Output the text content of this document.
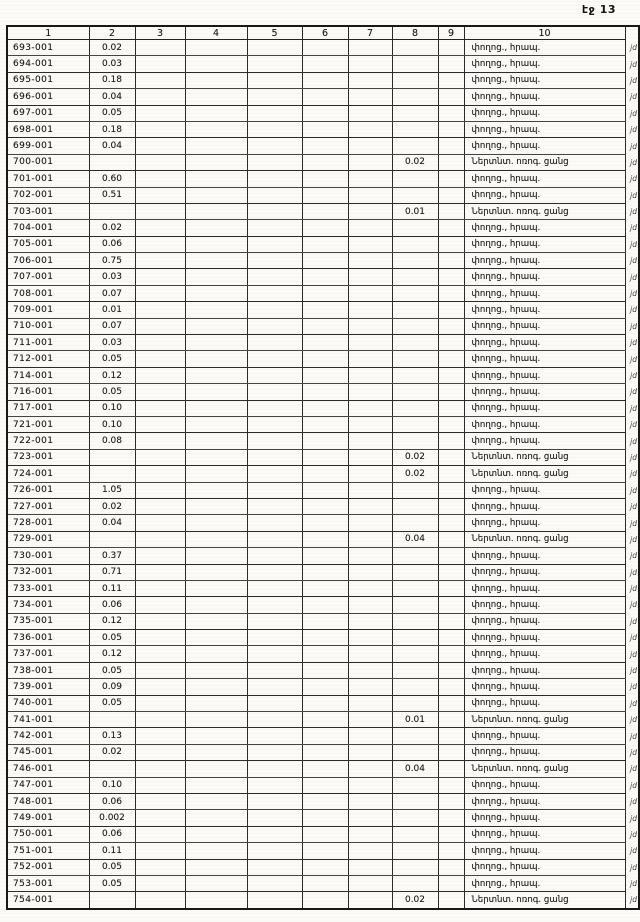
էջ 13
1	2	3	4	5	6	7	8	9	10	
693-001	0.02								փողոց., հրապ.	jd
694-001	0.03								փողոց., հրապ.	jd
695-001	0.18								փողոց., հրապ.	jd
696-001	0.04								փողոց., հրապ.	jd
697-001	0.05								փողոց., հրապ.	jd
698-001	0.18								փողոց., հրապ.	jd
699-001	0.04								փողոց., հրապ.	jd
700-001							0.02		Ներտնտ. ոռոգ. ցանց	jd
701-001	0.60								փողոց., հրապ.	jd
702-001	0.51								փողոց., հրապ.	jd
703-001							0.01		Ներտնտ. ոռոգ. ցանց	jd
704-001	0.02								փողոց., հրապ.	jd
705-001	0.06								փողոց., հրապ.	jd
706-001	0.75								փողոց., հրապ.	jd
707-001	0.03								փողոց., հրապ.	jd
708-001	0.07								փողոց., հրապ.	jd
709-001	0.01								փողոց., հրապ.	jd
710-001	0.07								փողոց., հրապ.	jd
711-001	0.03								փողոց., հրապ.	jd
712-001	0.05								փողոց., հրապ.	jd
714-001	0.12								փողոց., հրապ.	jd
716-001	0.05								փողոց., հրապ.	jd
717-001	0.10								փողոց., հրապ.	jd
721-001	0.10								փողոց., հրապ.	jd
722-001	0.08								փողոց., հրապ.	jd
723-001							0.02		Ներտնտ. ոռոգ. ցանց	jd
724-001							0.02		Ներտնտ. ոռոգ. ցանց	jd
726-001	1.05								փողոց., հրապ.	jd
727-001	0.02								փողոց., հրապ.	jd
728-001	0.04								փողոց., հրապ.	jd
729-001							0.04		Ներտնտ. ոռոգ. ցանց	jd
730-001	0.37								փողոց., հրապ.	jd
732-001	0.71								փողոց., հրապ.	jd
733-001	0.11								փողոց., հրապ.	jd
734-001	0.06								փողոց., հրապ.	jd
735-001	0.12								փողոց., հրապ.	jd
736-001	0.05								փողոց., հրապ.	jd
737-001	0.12								փողոց., հրապ.	jd
738-001	0.05								փողոց., հրապ.	jd
739-001	0.09								փողոց., հրապ.	jd
740-001	0.05								փողոց., հրապ.	jd
741-001							0.01		Ներտնտ. ոռոգ. ցանց	jd
742-001	0.13								փողոց., հրապ.	jd
745-001	0.02								փողոց., հրապ.	jd
746-001							0.04		Ներտնտ. ոռոգ. ցանց	jd
747-001	0.10								փողոց., հրապ.	jd
748-001	0.06								փողոց., հրապ.	jd
749-001	0.002								փողոց., հրապ.	jd
750-001	0.06								փողոց., հրապ.	jd
751-001	0.11								փողոց., հրապ.	jd
752-001	0.05								փողոց., հրապ.	jd
753-001	0.05								փողոց., հրապ.	jd
754-001							0.02		Ներտնտ. ոռոգ. ցանց	jd
